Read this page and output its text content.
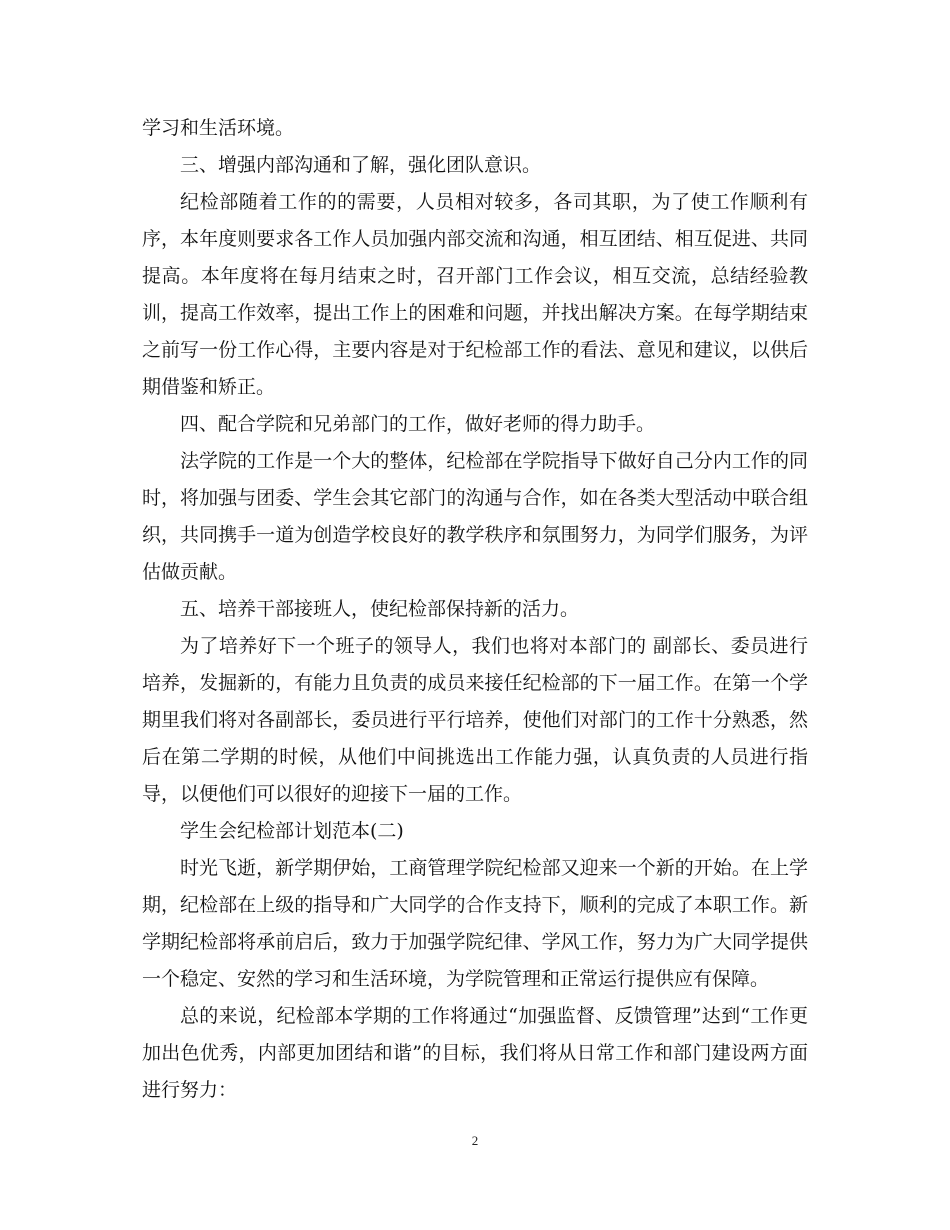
学习和生活环境。

三、增强内部沟通和了解，强化团队意识。

纪检部随着工作的的需要，人员相对较多，各司其职，为了使工作顺利有序，本年度则要求各工作人员加强内部交流和沟通，相互团结、相互促进、共同提高。本年度将在每月结束之时，召开部门工作会议，相互交流，总结经验教训，提高工作效率，提出工作上的困难和问题，并找出解决方案。在每学期结束之前写一份工作心得，主要内容是对于纪检部工作的看法、意见和建议，以供后期借鉴和矫正。

四、配合学院和兄弟部门的工作，做好老师的得力助手。

法学院的工作是一个大的整体，纪检部在学院指导下做好自己分内工作的同时，将加强与团委、学生会其它部门的沟通与合作，如在各类大型活动中联合组织，共同携手一道为创造学校良好的教学秩序和氛围努力，为同学们服务，为评估做贡献。

五、培养干部接班人，使纪检部保持新的活力。

为了培养好下一个班子的领导人，我们也将对本部门的 副部长、委员进行培养，发掘新的，有能力且负责的成员来接任纪检部的下一届工作。在第一个学期里我们将对各副部长，委员进行平行培养，使他们对部门的工作十分熟悉，然后在第二学期的时候，从他们中间挑选出工作能力强，认真负责的人员进行指导，以便他们可以很好的迎接下一届的工作。

学生会纪检部计划范本(二)

时光飞逝，新学期伊始，工商管理学院纪检部又迎来一个新的开始。在上学期，纪检部在上级的指导和广大同学的合作支持下，顺利的完成了本职工作。新学期纪检部将承前启后，致力于加强学院纪律、学风工作，努力为广大同学提供一个稳定、安然的学习和生活环境，为学院管理和正常运行提供应有保障。

总的来说，纪检部本学期的工作将通过“加强监督、反馈管理”达到“工作更加出色优秀，内部更加团结和谐”的目标，我们将从日常工作和部门建设两方面进行努力：

2
